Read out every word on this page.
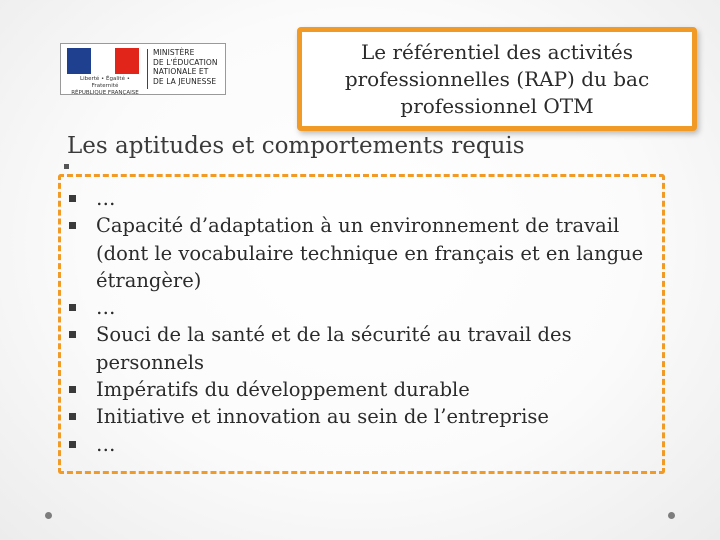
Liberté • Égalité • Fraternité
RÉPUBLIQUE FRANÇAISE
MINISTÈRE
DE L'ÉDUCATION
NATIONALE ET
DE LA JEUNESSE
Le référentiel des activités professionnelles (RAP) du bac professionnel OTM
Les aptitudes et comportements requis
…
Capacité d’adaptation à un environnement de travail (dont le vocabulaire technique en français et en langue étrangère)
…
Souci de la santé et de la sécurité au travail des personnels
Impératifs du développement durable
Initiative et innovation au sein de l’entreprise
…
